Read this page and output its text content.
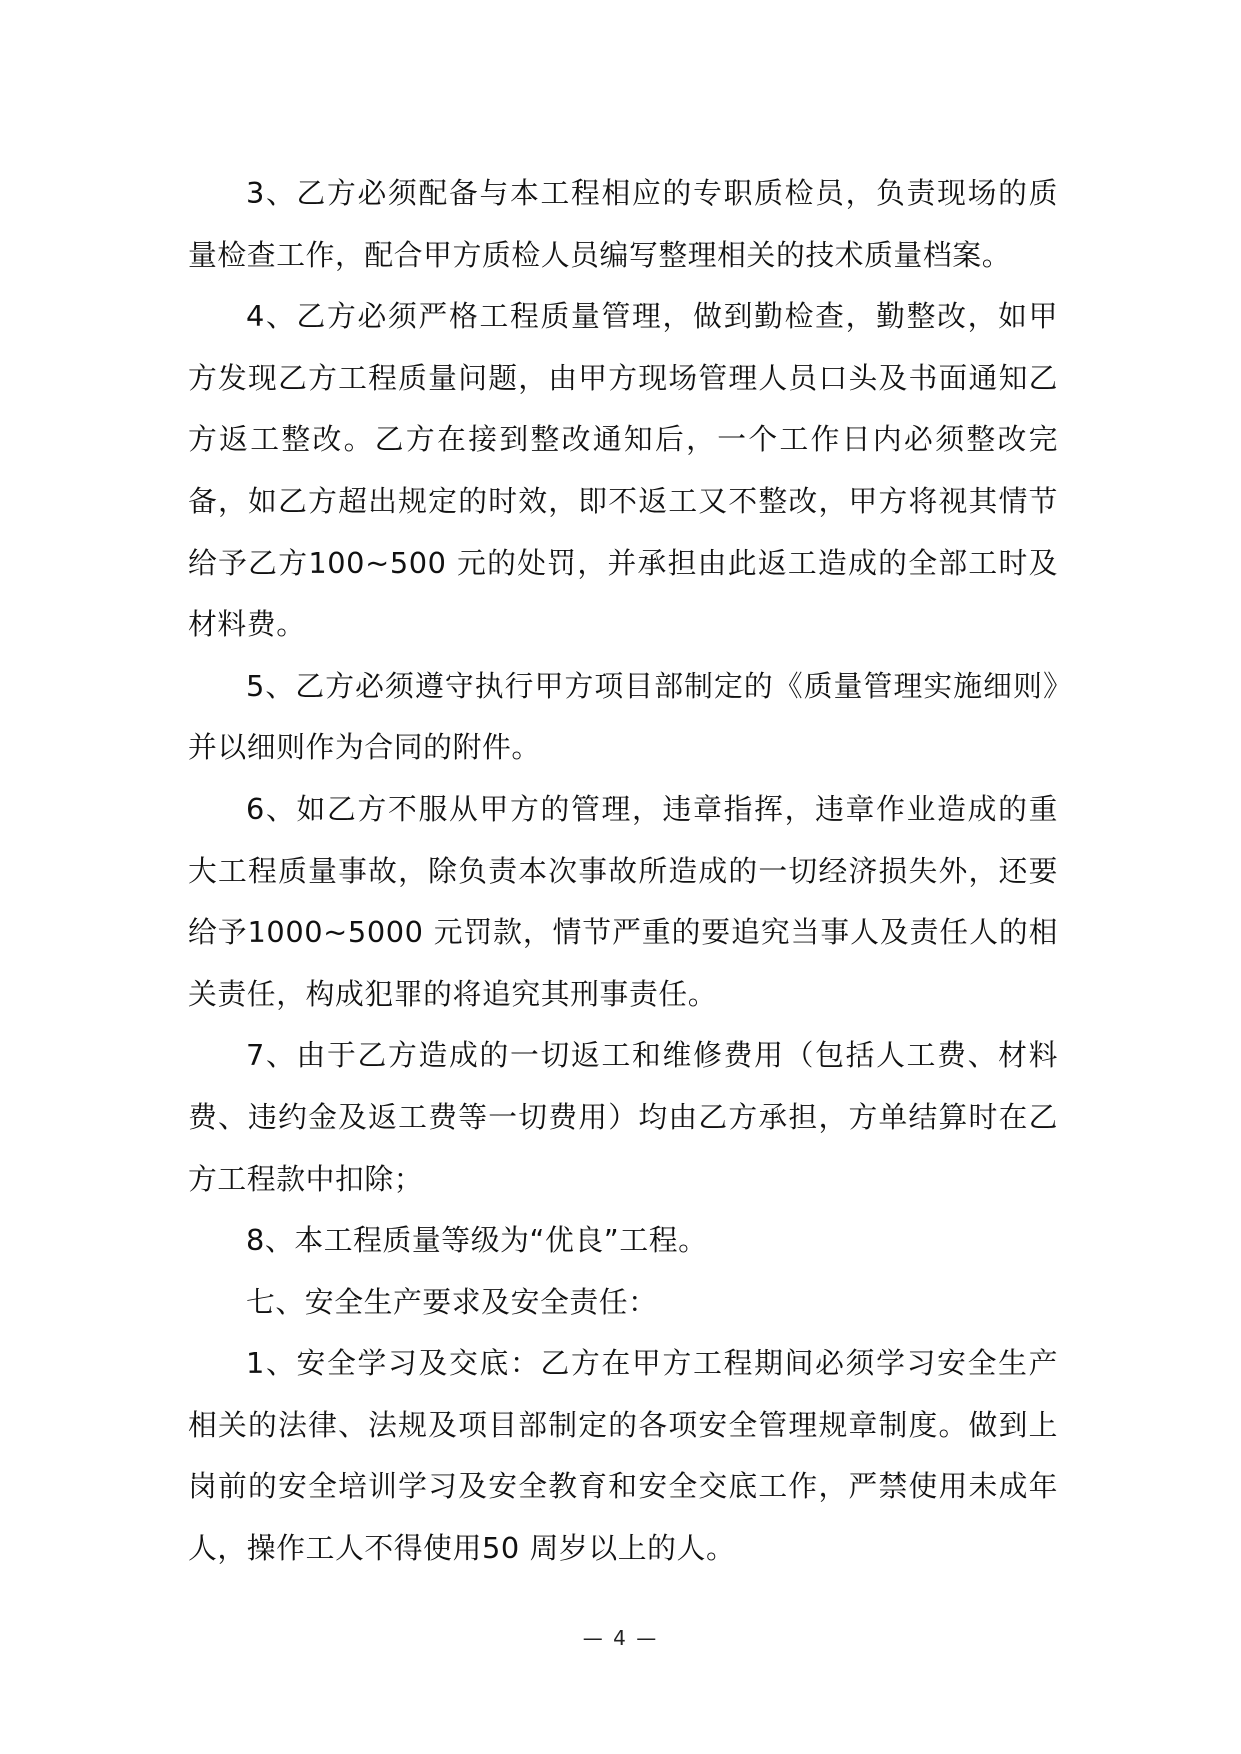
3、乙方必须配备与本工程相应的专职质检员，负责现场的质量检查工作，配合甲方质检人员编写整理相关的技术质量档案。

4、乙方必须严格工程质量管理，做到勤检查，勤整改，如甲方发现乙方工程质量问题，由甲方现场管理人员口头及书面通知乙方返工整改。乙方在接到整改通知后，一个工作日内必须整改完备，如乙方超出规定的时效，即不返工又不整改，甲方将视其情节给予乙方100~500 元的处罚，并承担由此返工造成的全部工时及材料费。

5、乙方必须遵守执行甲方项目部制定的《质量管理实施细则》并以细则作为合同的附件。

6、如乙方不服从甲方的管理，违章指挥，违章作业造成的重大工程质量事故，除负责本次事故所造成的一切经济损失外，还要给予1000~5000 元罚款，情节严重的要追究当事人及责任人的相关责任，构成犯罪的将追究其刑事责任。

7、由于乙方造成的一切返工和维修费用（包括人工费、材料费、违约金及返工费等一切费用）均由乙方承担，方单结算时在乙方工程款中扣除；

8、本工程质量等级为“优良”工程。

七、安全生产要求及安全责任：

1、安全学习及交底：乙方在甲方工程期间必须学习安全生产相关的法律、法规及项目部制定的各项安全管理规章制度。做到上岗前的安全培训学习及安全教育和安全交底工作，严禁使用未成年人，操作工人不得使用50 周岁以上的人。

— 4 —
